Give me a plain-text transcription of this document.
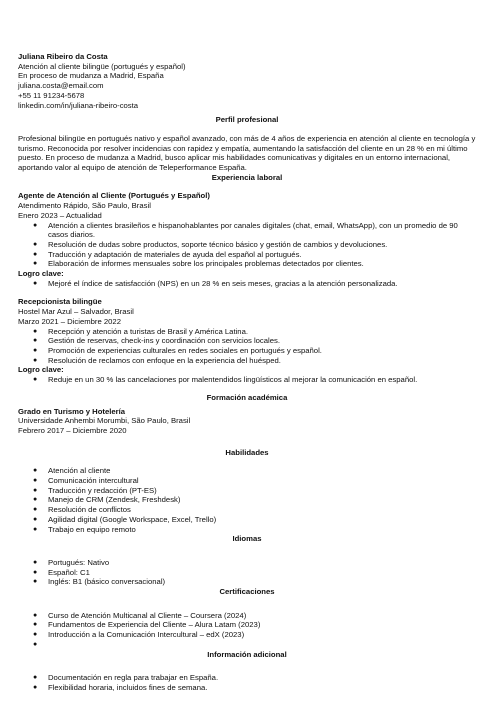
Juliana Ribeiro da Costa
Atención al cliente bilingüe (portugués y español)
En proceso de mudanza a Madrid, España
juliana.costa@email.com
+55 11 91234-5678
linkedin.com/in/juliana-ribeiro-costa
Perfil profesional
Profesional bilingüe en portugués nativo y español avanzado, con más de 4 años de experiencia en atención al cliente en tecnología y turismo. Reconocida por resolver incidencias con rapidez y empatía, aumentando la satisfacción del cliente en un 28 % en mi último puesto. En proceso de mudanza a Madrid, busco aplicar mis habilidades comunicativas y digitales en un entorno internacional, aportando valor al equipo de atención de Teleperformance España.
Experiencia laboral
Agente de Atención al Cliente (Portugués y Español)
Atendimento Rápido, São Paulo, Brasil
Enero 2023 – Actualidad
● Atención a clientes brasileños e hispanohablantes por canales digitales (chat, email, WhatsApp), con un promedio de 90 casos diarios.
● Resolución de dudas sobre productos, soporte técnico básico y gestión de cambios y devoluciones.
● Traducción y adaptación de materiales de ayuda del español al portugués.
● Elaboración de informes mensuales sobre los principales problemas detectados por clientes.
Logro clave:
● Mejoré el índice de satisfacción (NPS) en un 28 % en seis meses, gracias a la atención personalizada.
Recepcionista bilingüe
Hostel Mar Azul – Salvador, Brasil
Marzo 2021 – Diciembre 2022
● Recepción y atención a turistas de Brasil y América Latina.
● Gestión de reservas, check-ins y coordinación con servicios locales.
● Promoción de experiencias culturales en redes sociales en portugués y español.
● Resolución de reclamos con enfoque en la experiencia del huésped.
Logro clave:
● Reduje en un 30 % las cancelaciones por malentendidos lingüísticos al mejorar la comunicación en español.
Formación académica
Grado en Turismo y Hotelería
Universidade Anhembi Morumbi, São Paulo, Brasil
Febrero 2017 – Diciembre 2020
Habilidades
● Atención al cliente
● Comunicación intercultural
● Traducción y redacción (PT-ES)
● Manejo de CRM (Zendesk, Freshdesk)
● Resolución de conflictos
● Agilidad digital (Google Workspace, Excel, Trello)
● Trabajo en equipo remoto
Idiomas
● Portugués: Nativo
● Español: C1
● Inglés: B1 (básico conversacional)
Certificaciones
● Curso de Atención Multicanal al Cliente – Coursera (2024)
● Fundamentos de Experiencia del Cliente – Alura Latam (2023)
● Introducción a la Comunicación Intercultural – edX (2023)
●
Información adicional
● Documentación en regla para trabajar en España.
● Flexibilidad horaria, incluidos fines de semana.
